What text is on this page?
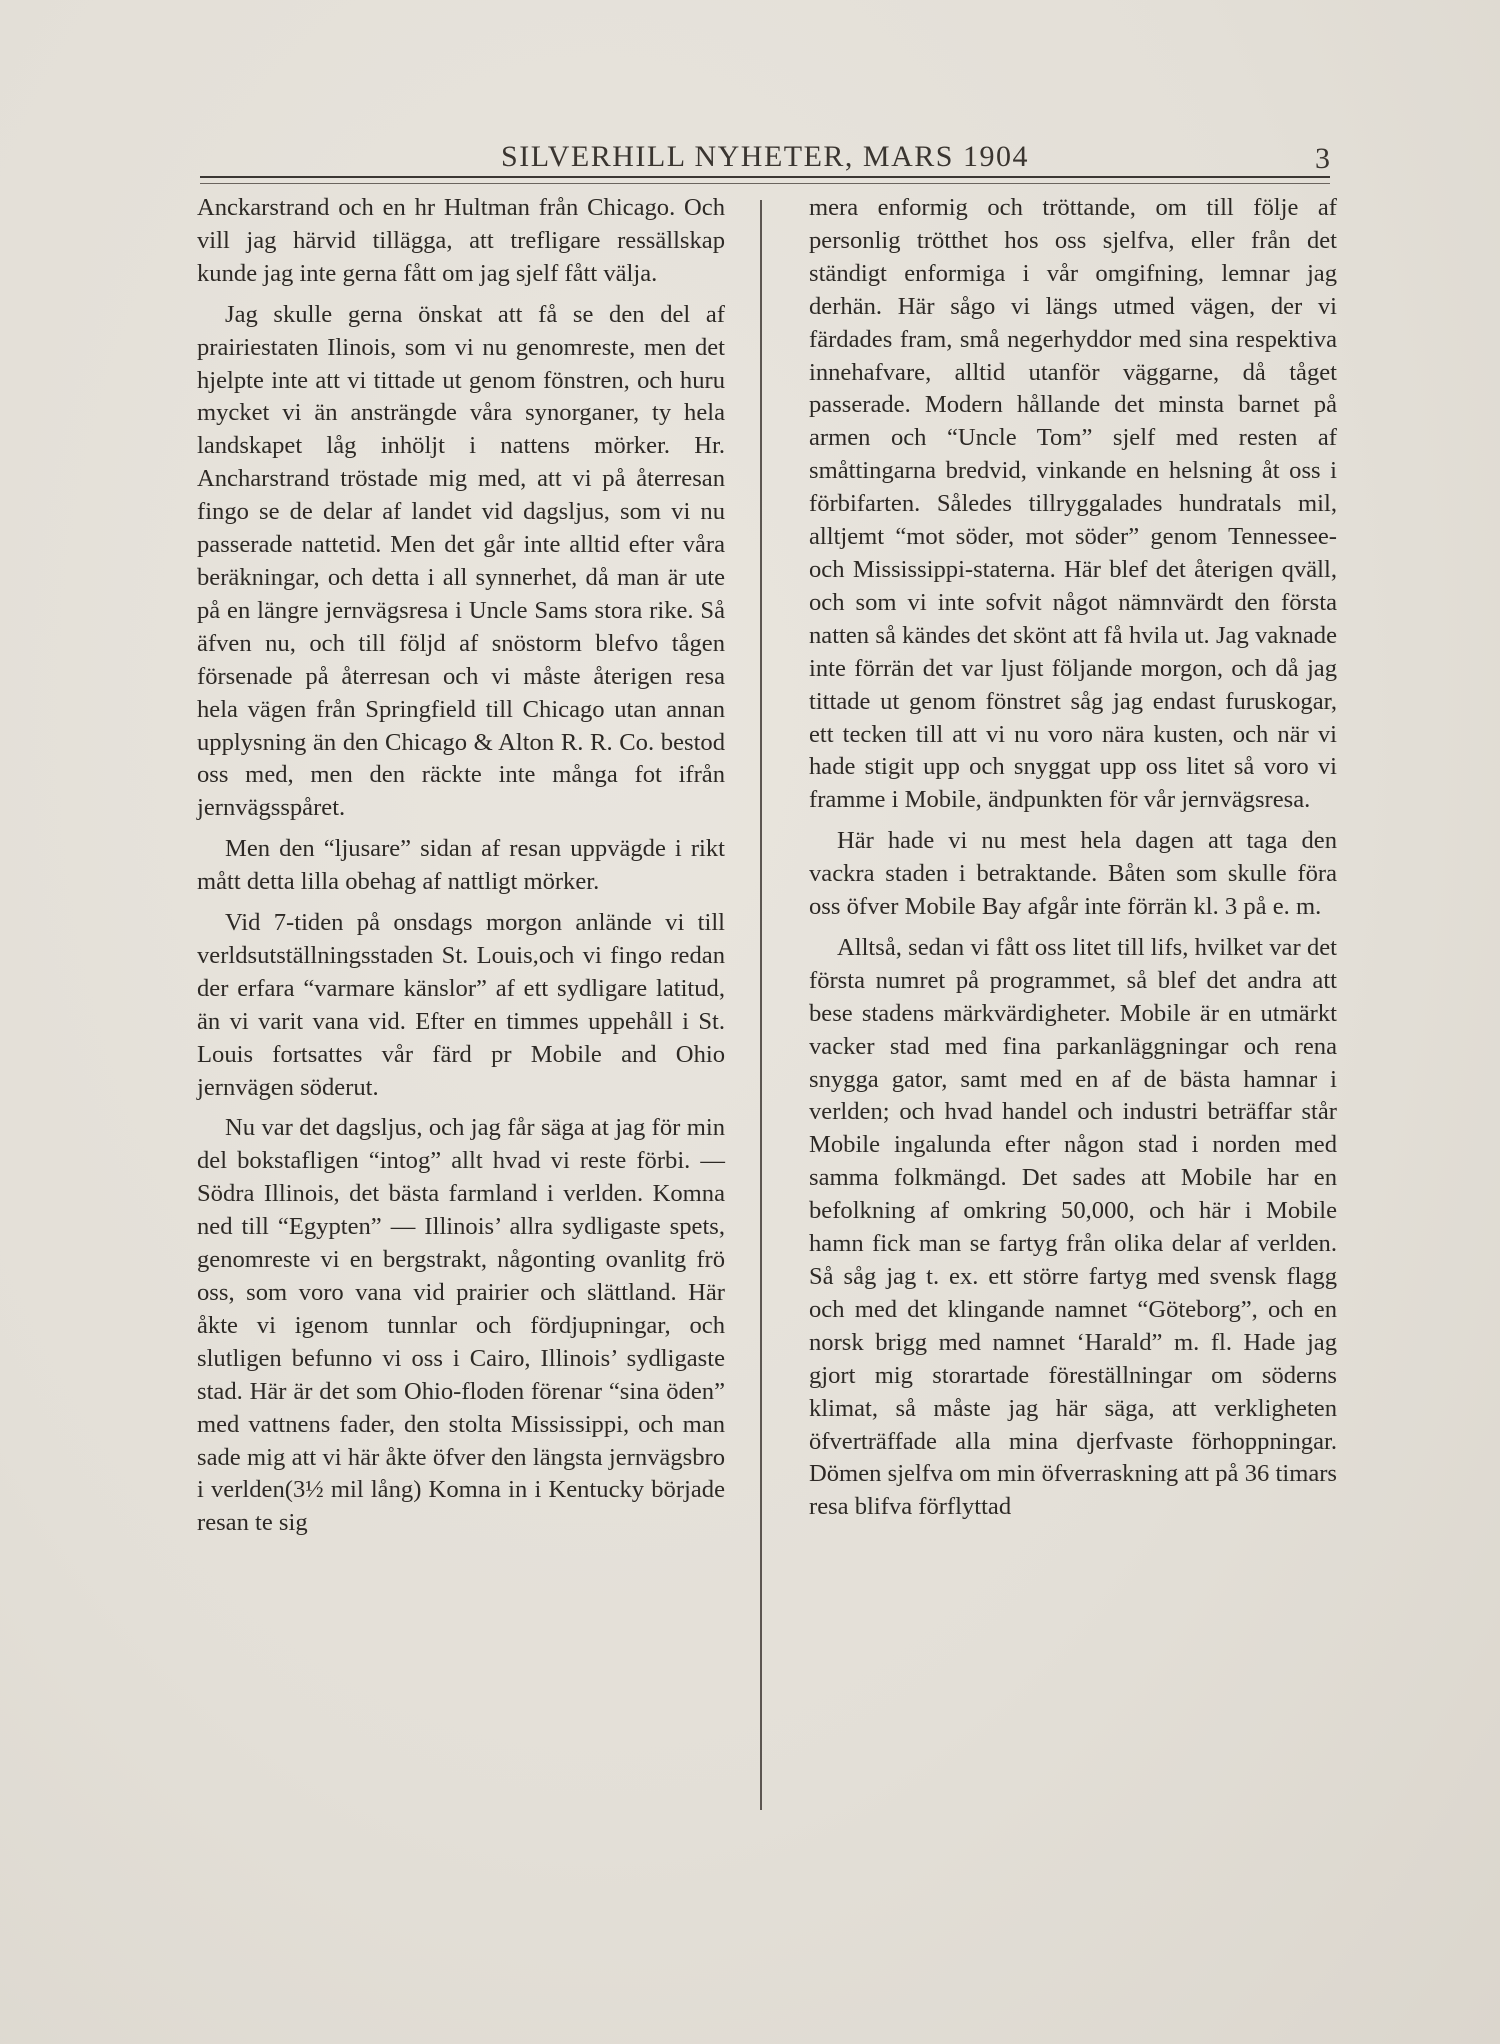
SILVERHILL NYHETER, MARS 1904	3

Anckarstrand och en hr Hultman från Chicago. Och vill jag härvid tillägga, att trefligare ressällskap kunde jag inte gerna fått om jag sjelf fått välja.

Jag skulle gerna önskat att få se den del af prairiestaten Ilinois, som vi nu genomreste, men det hjelpte inte att vi tittade ut genom fönstren, och huru mycket vi än ansträngde våra synorganer, ty hela landskapet låg inhöljt i nattens mörker. Hr. Ancharstrand tröstade mig med, att vi på återresan fingo se de delar af landet vid dagsljus, som vi nu passerade nattetid. Men det går inte alltid efter våra beräkningar, och detta i all synnerhet, då man är ute på en längre jernvägsresa i Uncle Sams stora rike. Så äfven nu, och till följd af snöstorm blefvo tågen försenade på återresan och vi måste återigen resa hela vägen från Springfield till Chicago utan annan upplysning än den Chicago & Alton R. R. Co. bestod oss med, men den räckte inte många fot ifrån jernvägsspåret.

Men den “ljusare” sidan af resan uppvägde i rikt mått detta lilla obehag af nattligt mörker.

Vid 7-tiden på onsdags morgon anlände vi till verldsutställningsstaden St. Louis,och vi fingo redan der erfara “varmare känslor” af ett sydligare latitud, än vi varit vana vid. Efter en timmes uppehåll i St. Louis fortsattes vår färd pr Mobile and Ohio jernvägen söderut.

Nu var det dagsljus, och jag får säga at jag för min del bokstafligen “intog” allt hvad vi reste förbi. — Södra Illinois, det bästa farmland i verlden. Komna ned till “Egypten” — Illinois’ allra sydligaste spets, genomreste vi en bergstrakt, någonting ovanlitg frö oss, som voro vana vid prairier och slättland. Här åkte vi igenom tunnlar och fördjupningar, och slutligen befunno vi oss i Cairo, Illinois’ sydligaste stad. Här är det som Ohio-floden förenar “sina öden” med vattnens fader, den stolta Mississippi, och man sade mig att vi här åkte öfver den längsta jernvägsbro i verlden(3½ mil lång) Komna in i Kentucky började resan te sig

mera enformig och tröttande, om till följe af personlig trötthet hos oss sjelfva, eller från det ständigt enformiga i vår omgifning, lemnar jag derhän. Här sågo vi längs utmed vägen, der vi färdades fram, små negerhyddor med sina respektiva innehafvare, alltid utanför väggarne, då tåget passerade. Modern hållande det minsta barnet på armen och “Uncle Tom” sjelf med resten af småttingarna bredvid, vinkande en helsning åt oss i förbifarten. Således tillryggalades hundratals mil, alltjemt “mot söder, mot söder” genom Tennessee- och Mississippi-staterna. Här blef det återigen qväll, och som vi inte sofvit något nämnvärdt den första natten så kändes det skönt att få hvila ut. Jag vaknade inte förrän det var ljust följande morgon, och då jag tittade ut genom fönstret såg jag endast furuskogar, ett tecken till att vi nu voro nära kusten, och när vi hade stigit upp och snyggat upp oss litet så voro vi framme i Mobile, ändpunkten för vår jernvägsresa.

Här hade vi nu mest hela dagen att taga den vackra staden i betraktande. Båten som skulle föra oss öfver Mobile Bay afgår inte förrän kl. 3 på e. m.

Alltså, sedan vi fått oss litet till lifs, hvilket var det första numret på programmet, så blef det andra att bese stadens märkvärdigheter. Mobile är en utmärkt vacker stad med fina parkanläggningar och rena snygga gator, samt med en af de bästa hamnar i verlden; och hvad handel och industri beträffar står Mobile ingalunda efter någon stad i norden med samma folkmängd. Det sades att Mobile har en befolkning af omkring 50,000, och här i Mobile hamn fick man se fartyg från olika delar af verlden. Så såg jag t. ex. ett större fartyg med svensk flagg och med det klingande namnet “Göteborg”, och en norsk brigg med namnet ‘Harald” m. fl. Hade jag gjort mig storartade föreställningar om söderns klimat, så måste jag här säga, att verkligheten öfverträffade alla mina djerfvaste förhoppningar. Dömen sjelfva om min öfverraskning att på 36 timars resa blifva förflyttad
